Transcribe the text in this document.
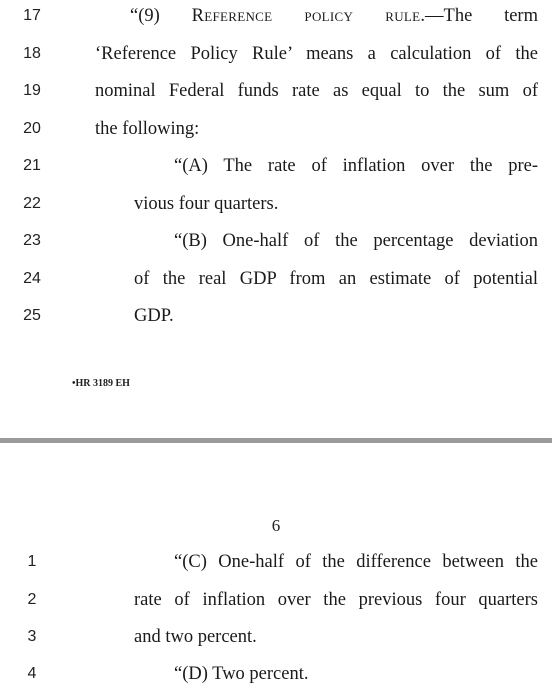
17	“(9) Reference policy rule.—The term
18	‘Reference Policy Rule’ means a calculation of the
19	nominal Federal funds rate as equal to the sum of
20	the following:
21	“(A) The rate of inflation over the pre-
22	vious four quarters.
23	“(B) One-half of the percentage deviation
24	of the real GDP from an estimate of potential
25	GDP.
•HR 3189 EH
6
1	“(C) One-half of the difference between the
2	rate of inflation over the previous four quarters
3	and two percent.
4	“(D) Two percent.
